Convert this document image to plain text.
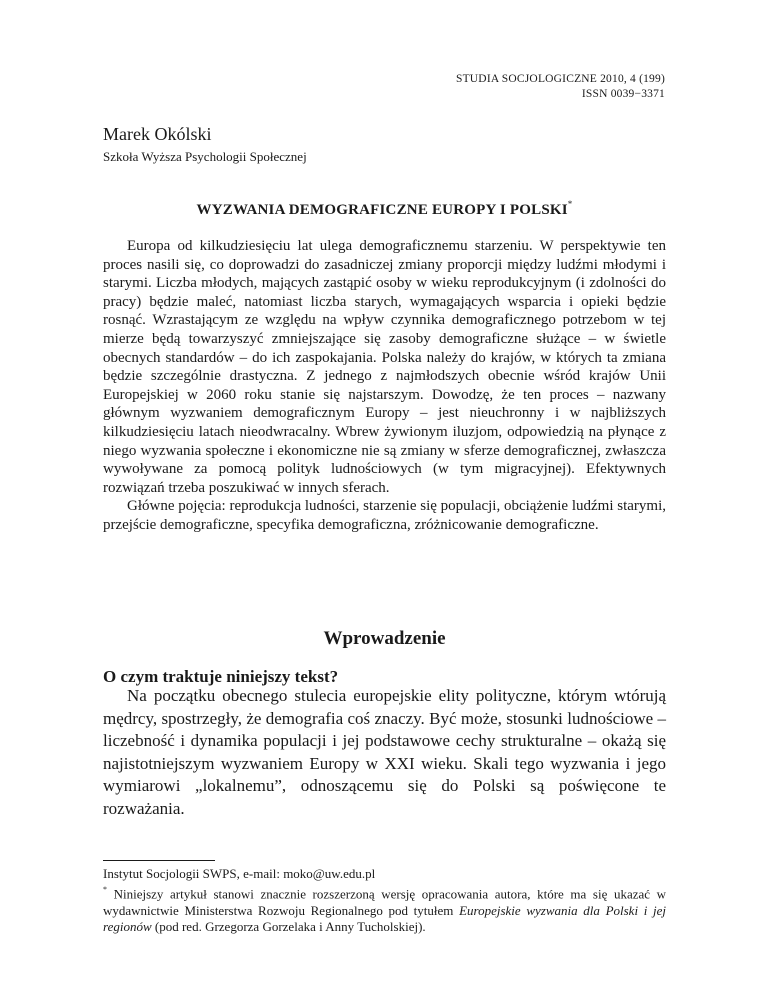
STUDIA SOCJOLOGICZNE 2010, 4 (199)
ISSN 0039−3371
Marek Okólski
Szkoła Wyższa Psychologii Społecznej
WYZWANIA DEMOGRAFICZNE EUROPY I POLSKI*

Europa od kilkudziesięciu lat ulega demograficznemu starzeniu. W perspektywie ten proces nasili się, co doprowadzi do zasadniczej zmiany proporcji między ludźmi młodymi i starymi. Liczba młodych, mających zastąpić osoby w wieku reprodukcyjnym (i zdolności do pracy) będzie maleć, natomiast liczba starych, wymagających wsparcia i opieki będzie rosnąć. Wzrastającym ze względu na wpływ czynnika demograficznego potrzebom w tej mierze będą towarzyszyć zmniejszające się zasoby demograficzne służące – w świetle obecnych standardów – do ich zaspokajania. Polska należy do krajów, w których ta zmiana będzie szczególnie drastyczna. Z jednego z najmłodszych obecnie wśród krajów Unii Europejskiej w 2060 roku stanie się najstarszym. Dowodzę, że ten proces – nazwany głównym wyzwaniem demograficznym Europy – jest nieuchronny i w najbliższych kilkudziesięciu latach nieodwracalny. Wbrew żywionym iluzjom, odpowiedzią na płynące z niego wyzwania społeczne i ekonomiczne nie są zmiany w sferze demograficznej, zwłaszcza wywoływane za pomocą polityk ludnościowych (w tym migracyjnej). Efektywnych rozwiązań trzeba poszukiwać w innych sferach.

Główne pojęcia: reprodukcja ludności, starzenie się populacji, obciążenie ludźmi starymi, przejście demograficzne, specyfika demograficzna, zróżnicowanie demograficzne.

Wprowadzenie
O czym traktuje niniejszy tekst?

Na początku obecnego stulecia europejskie elity polityczne, którym wtórują mędrcy, spostrzegły, że demografia coś znaczy. Być może, stosunki ludnościowe – liczebność i dynamika populacji i jej podstawowe cechy strukturalne – okażą się najistotniejszym wyzwaniem Europy w XXI wieku. Skali tego wyzwania i jego wymiarowi „lokalnemu”, odnoszącemu się do Polski są poświęcone te rozważania.

Instytut Socjologii SWPS, e-mail: moko@uw.edu.pl

* Niniejszy artykuł stanowi znacznie rozszerzoną wersję opracowania autora, które ma się ukazać w wydawnictwie Ministerstwa Rozwoju Regionalnego pod tytułem Europejskie wyzwania dla Polski i jej regionów (pod red. Grzegorza Gorzelaka i Anny Tucholskiej).
